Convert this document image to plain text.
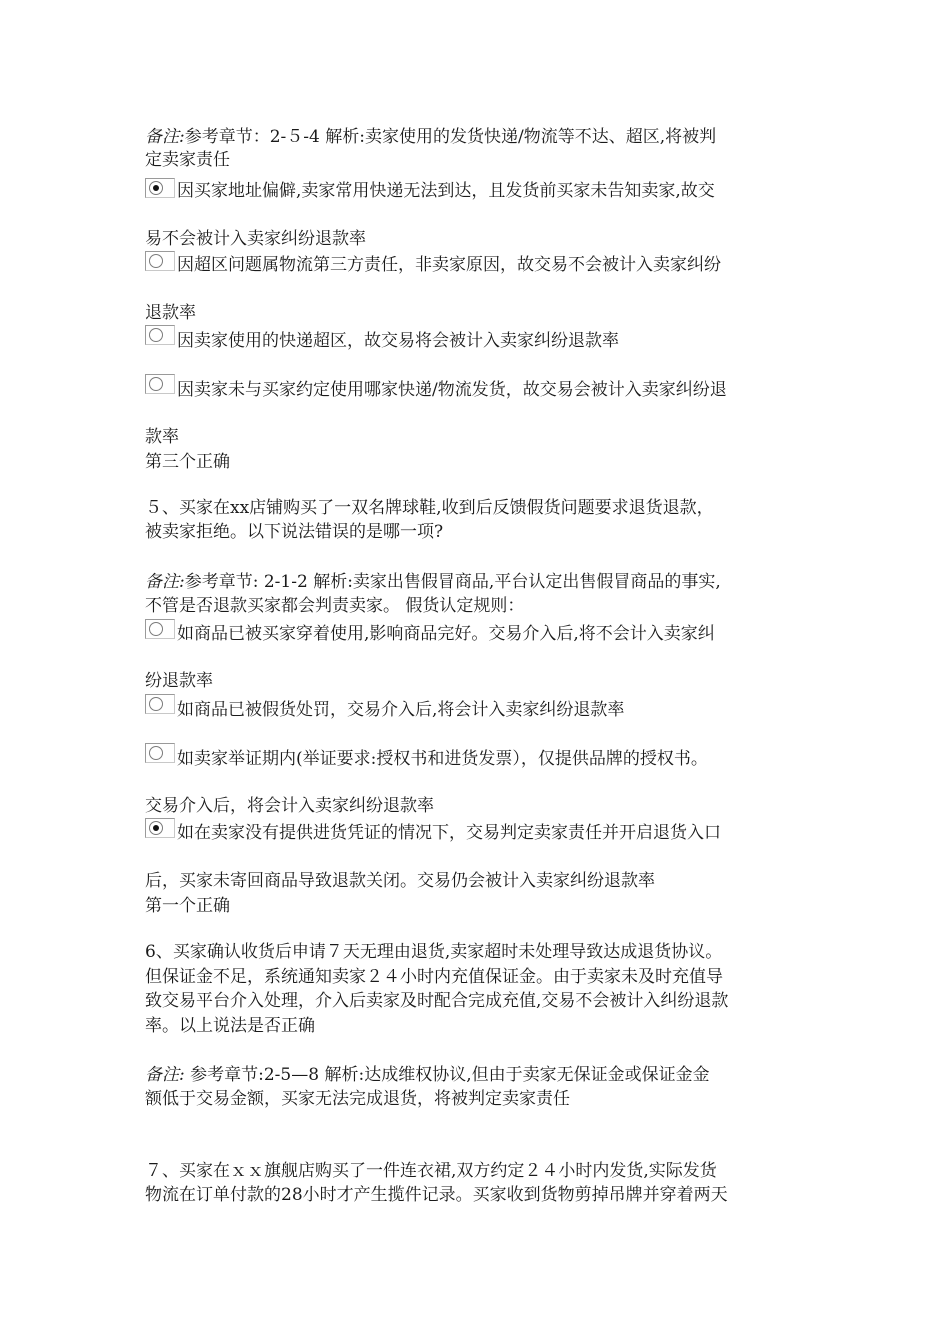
备注:参考章节：2-５-4 解析:卖家使用的发货快递/物流等不达、超区,将被判
定卖家责任
因买家地址偏僻,卖家常用快递无法到达，且发货前买家未告知卖家,故交
易不会被计入卖家纠纷退款率
因超区问题属物流第三方责任，非卖家原因，故交易不会被计入卖家纠纷
退款率
因卖家使用的快递超区，故交易将会被计入卖家纠纷退款率
因卖家未与买家约定使用哪家快递/物流发货，故交易会被计入卖家纠纷退
款率
第三个正确
５、买家在xx店铺购买了一双名牌球鞋,收到后反馈假货问题要求退货退款，
被卖家拒绝。以下说法错误的是哪一项?
备注:参考章节: 2-1-2 解析:卖家出售假冒商品,平台认定出售假冒商品的事实,
不管是否退款买家都会判责卖家。 假货认定规则：
如商品已被买家穿着使用,影响商品完好。交易介入后,将不会计入卖家纠
纷退款率
如商品已被假货处罚，交易介入后,将会计入卖家纠纷退款率
如卖家举证期内(举证要求:授权书和进货发票），仅提供品牌的授权书。
交易介入后，将会计入卖家纠纷退款率
如在卖家没有提供进货凭证的情况下，交易判定卖家责任并开启退货入口
后，买家未寄回商品导致退款关闭。交易仍会被计入卖家纠纷退款率
第一个正确
6、买家确认收货后申请７天无理由退货,卖家超时未处理导致达成退货协议。
但保证金不足，系统通知卖家２４小时内充值保证金。由于卖家未及时充值导
致交易平台介入处理，介入后卖家及时配合完成充值,交易不会被计入纠纷退款
率。以上说法是否正确
备注: 参考章节:2-5—8 解析:达成维权协议,但由于卖家无保证金或保证金金
额低于交易金额，买家无法完成退货，将被判定卖家责任
７、买家在ｘｘ旗舰店购买了一件连衣裙,双方约定２４小时内发货,实际发货
物流在订单付款的28小时才产生揽件记录。买家收到货物剪掉吊牌并穿着两天
